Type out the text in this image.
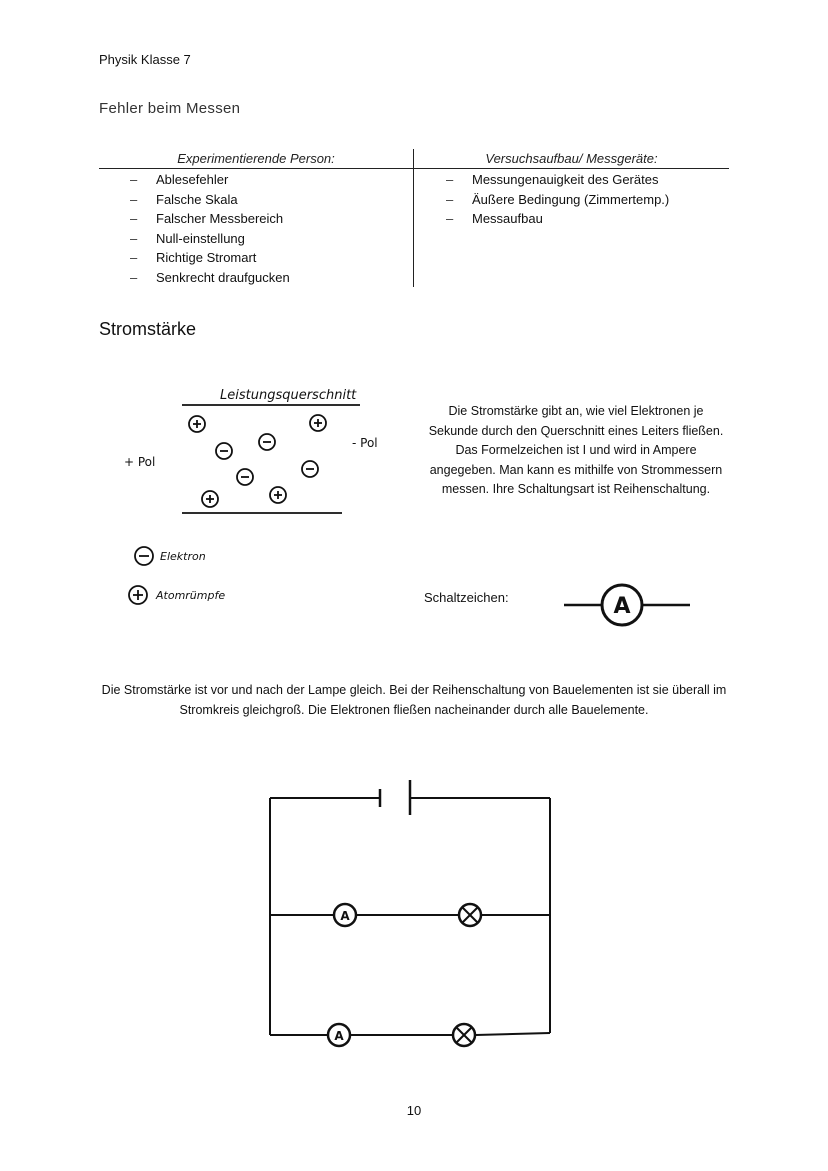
Physik Klasse 7
Fehler beim Messen
Experimentierende Person:	Versuchsaufbau/ Messgeräte:
– Ablesefehler
– Falsche Skala
– Falscher Messbereich
– Null-einstellung
– Richtige Stromart
– Senkrecht draufgucken
– Messungenauigkeit des Gerätes
– Äußere Bedingung (Zimmertemp.)
– Messaufbau
Stromstärke
Leistungsquerschnitt
+ Pol
- Pol
Elektron
Atomrümpfe
Die Stromstärke gibt an, wie viel Elektronen je Sekunde durch den Querschnitt eines Leiters fließen. Das Formelzeichen ist I und wird in Ampere angegeben. Man kann es mithilfe von Strommessern messen. Ihre Schaltungsart ist Reihenschaltung.
Schaltzeichen:	A
Die Stromstärke ist vor und nach der Lampe gleich. Bei der Reihenschaltung von Bauelementen ist sie überall im Stromkreis gleichgroß. Die Elektronen fließen nacheinander durch alle Bauelemente.
A
A
10
